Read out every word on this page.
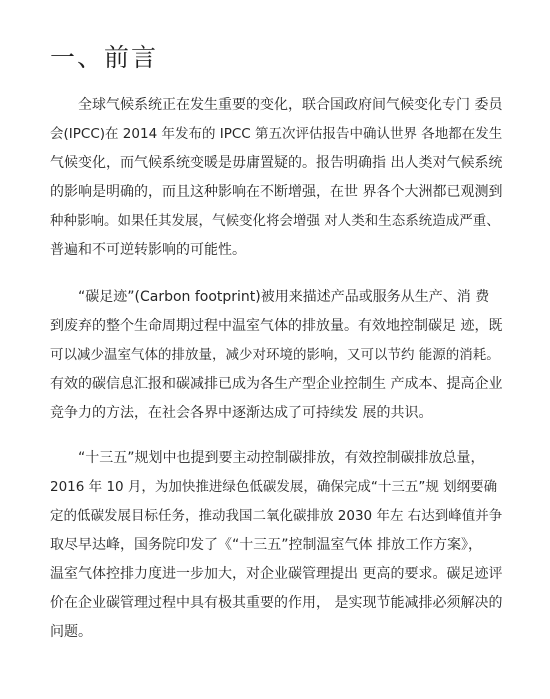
一、前言
　　全球气候系统正在发生重要的变化，联合国政府间气候变化专门 委员
会(IPCC)在 2014 年发布的 IPCC 第五次评估报告中确认世界 各地都在发生
气候变化，而气候系统变暖是毋庸置疑的。报告明确指 出人类对气候系统
的影响是明确的，而且这种影响在不断增强，在世 界各个大洲都已观测到
种种影响。如果任其发展，气候变化将会增强 对人类和生态系统造成严重、
普遍和不可逆转影响的可能性。
　　“碳足迹”(Carbon footprint)被用来描述产品或服务从生产、消 费
到废弃的整个生命周期过程中温室气体的排放量。有效地控制碳足 迹，既
可以减少温室气体的排放量，减少对环境的影响，又可以节约 能源的消耗。
有效的碳信息汇报和碳减排已成为各生产型企业控制生 产成本、提高企业
竞争力的方法，在社会各界中逐渐达成了可持续发 展的共识。
　　“十三五”规划中也提到要主动控制碳排放，有效控制碳排放总量，
2016 年 10 月，为加快推进绿色低碳发展，确保完成“十三五”规 划纲要确
定的低碳发展目标任务，推动我国二氧化碳排放 2030 年左 右达到峰值并争
取尽早达峰，国务院印发了《“十三五”控制温室气体 排放工作方案》，
温室气体控排力度进一步加大，对企业碳管理提出 更高的要求。碳足迹评
价在企业碳管理过程中具有极其重要的作用， 是实现节能减排必须解决的
问题。
